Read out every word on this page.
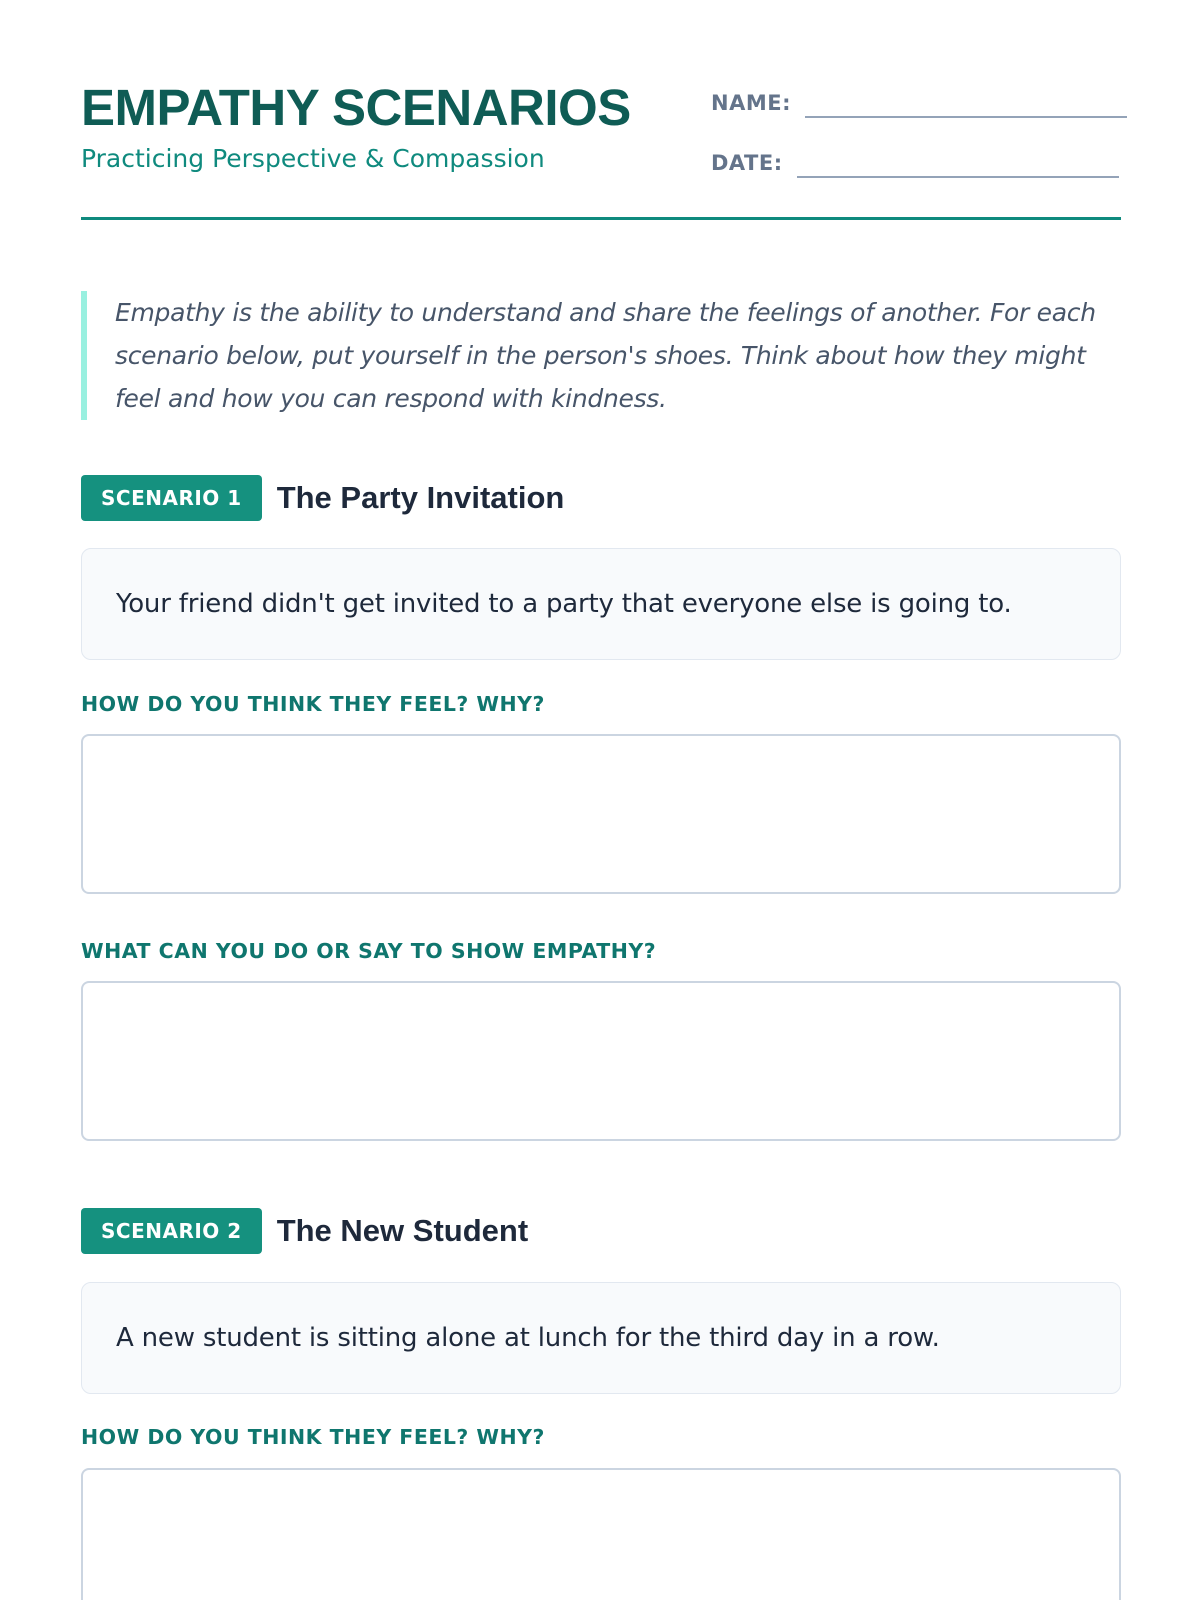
EMPATHY SCENARIOS

Practicing Perspective & Compassion

NAME:
DATE:

Empathy is the ability to understand and share the feelings of another. For each scenario below, put yourself in the person's shoes. Think about how they might feel and how you can respond with kindness.

SCENARIO 1	The Party Invitation
Your friend didn't get invited to a party that everyone else is going to.
HOW DO YOU THINK THEY FEEL? WHY?
WHAT CAN YOU DO OR SAY TO SHOW EMPATHY?
SCENARIO 2	The New Student
A new student is sitting alone at lunch for the third day in a row.
HOW DO YOU THINK THEY FEEL? WHY?
